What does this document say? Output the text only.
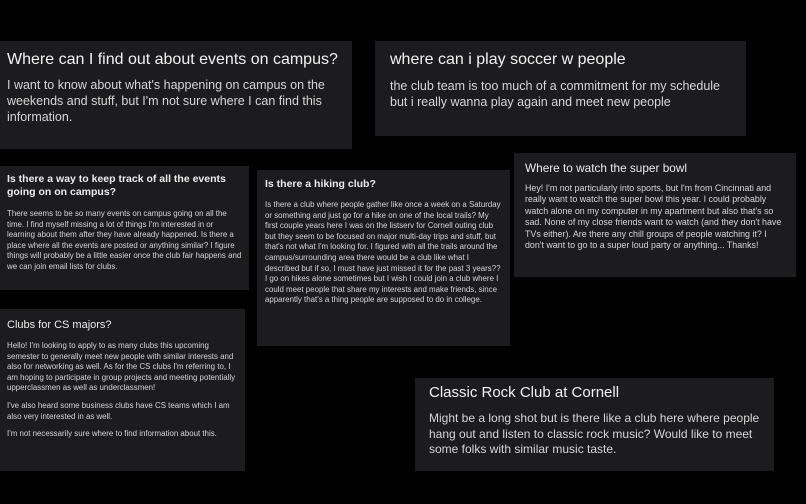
Where can I find out about events on campus?

I want to know about what's happening on campus on the weekends and stuff, but I'm not sure where I can find this information.

where can i play soccer w people

the club team is too much of a commitment for my schedule but i really wanna play again and meet new people

Is there a way to keep track of all the events going on on campus?

There seems to be so many events on campus going on all the time. I find myself missing a lot of things I'm interested in or learning about them after they have already happened. Is there a place where all the events are posted or anything similar? I figure things will probably be a little easier once the club fair happens and we can join email lists for clubs.

Is there a hiking club?

Is there a club where people gather like once a week on a Saturday or something and just go for a hike on one of the local trails? My first couple years here I was on the listserv for Cornell outing club but they seem to be focused on major multi-day trips and stuff, but that's not what I'm looking for. I figured with all the trails around the campus/surrounding area there would be a club like what I described but if so, I must have just missed it for the past 3 years?? I go on hikes alone sometimes but I wish I could join a club where I could meet people that share my interests and make friends, since apparently that's a thing people are supposed to do in college.

Where to watch the super bowl

Hey! I'm not particularly into sports, but I'm from Cincinnati and really want to watch the super bowl this year. I could probably watch alone on my computer in my apartment but also that's so sad. None of my close friends want to watch (and they don't have TVs either). Are there any chill groups of people watching it? I don't want to go to a super loud party or anything... Thanks!

Clubs for CS majors?

Hello! I'm looking to apply to as many clubs this upcoming semester to generally meet new people with similar interests and also for networking as well. As for the CS clubs I'm referring to, I am hoping to participate in group projects and meeting potentially upperclassmen as well as underclassmen!

I've also heard some business clubs have CS teams which I am also very interested in as well.

I'm not necessarily sure where to find information about this.

Classic Rock Club at Cornell

Might be a long shot but is there like a club here where people hang out and listen to classic rock music? Would like to meet some folks with similar music taste.
